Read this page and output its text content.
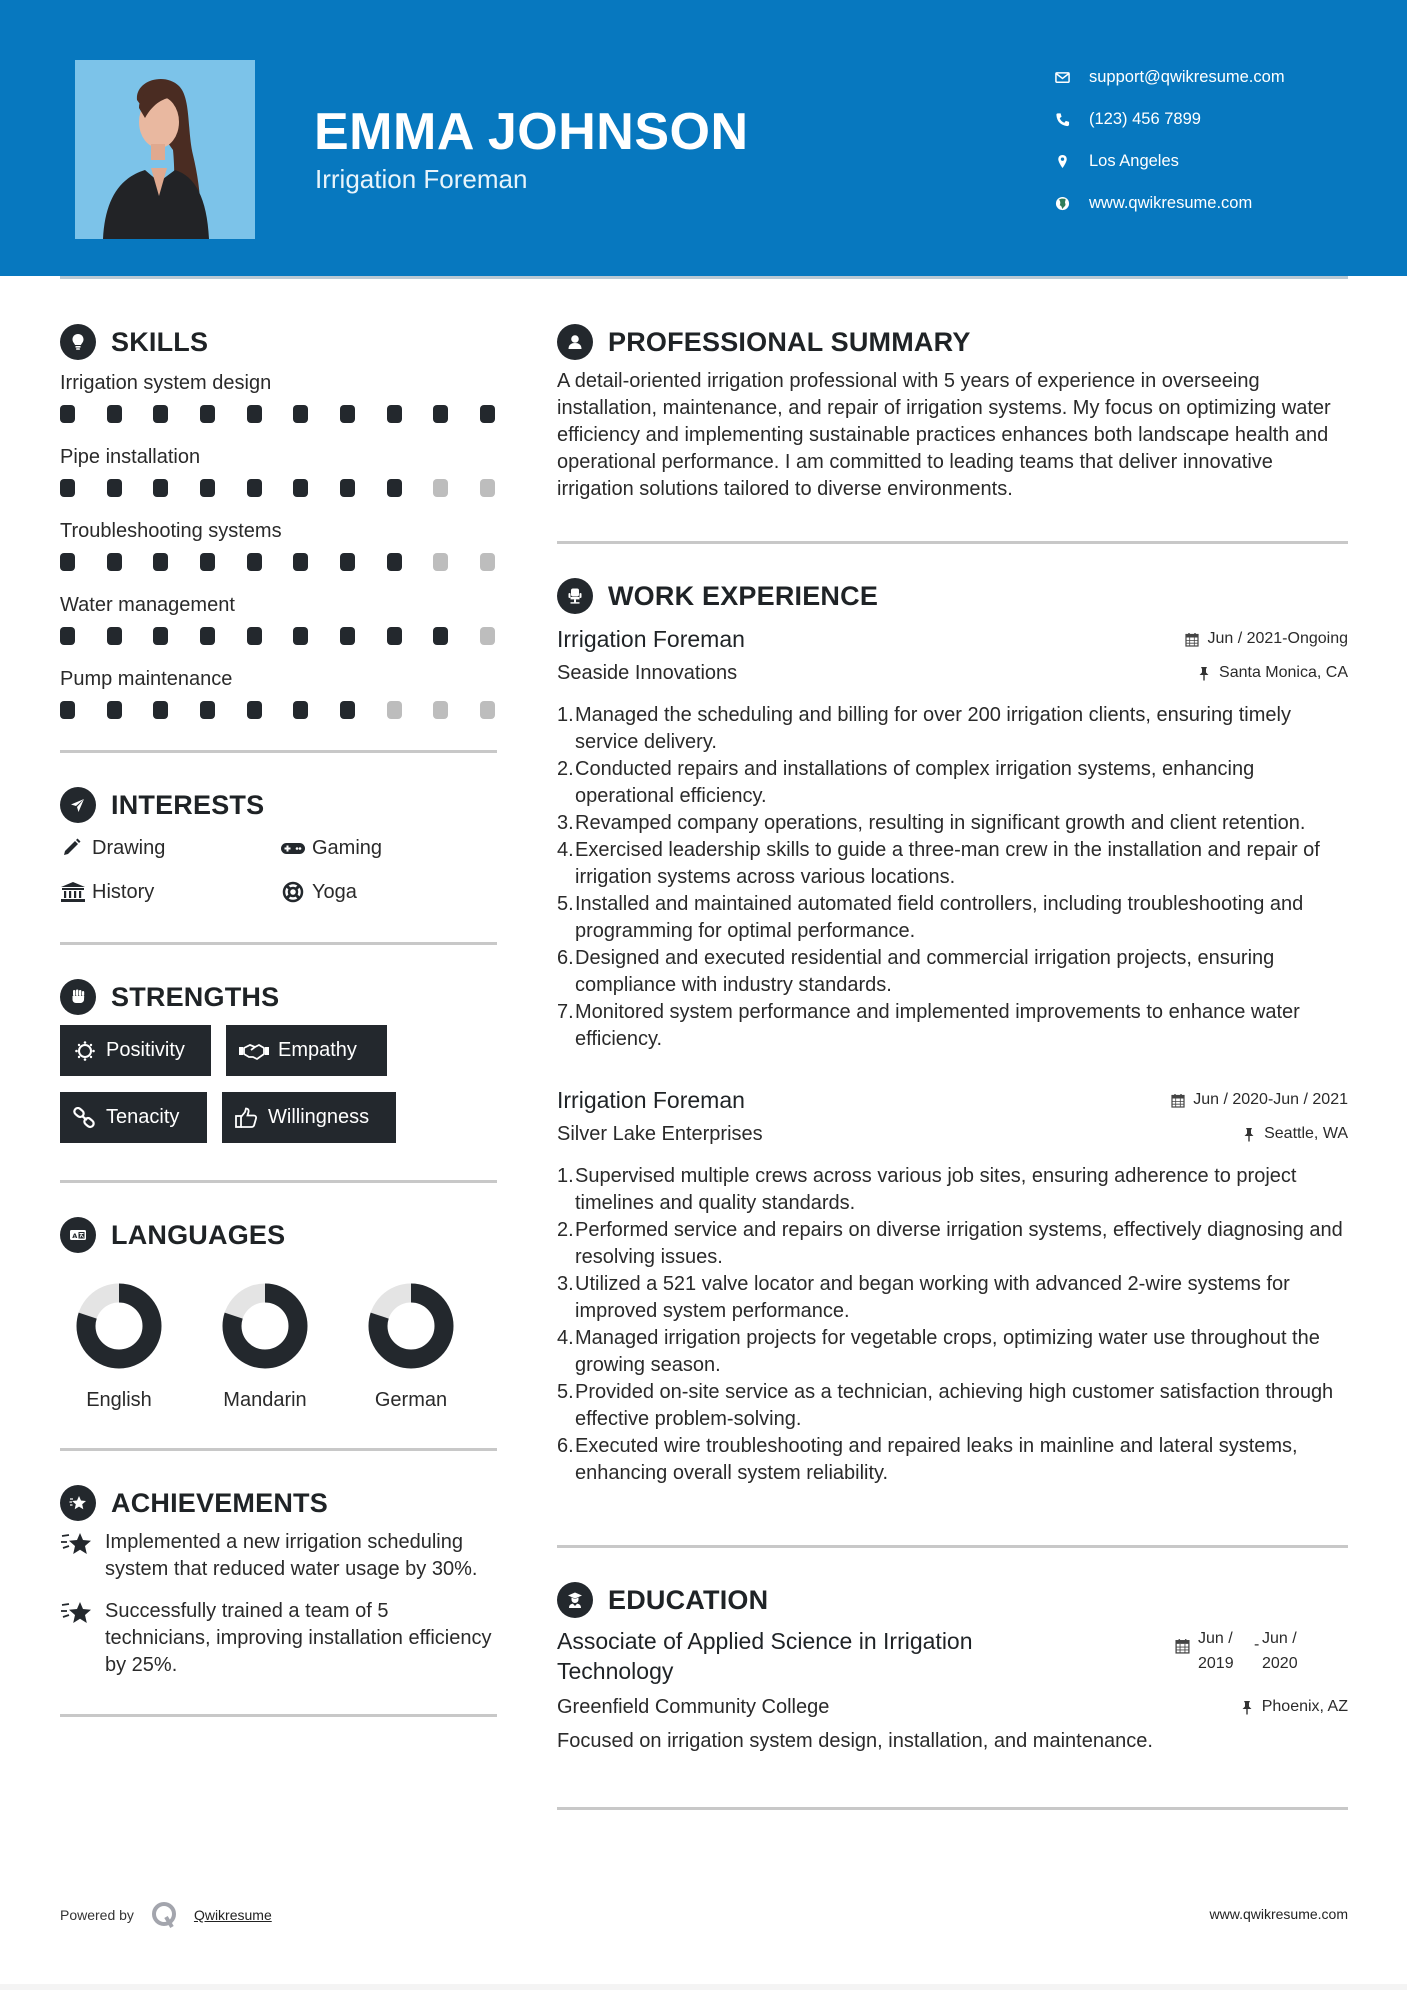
EMMA JOHNSON
Irrigation Foreman
support@qwikresume.com
(123) 456 7899
Los Angeles
www.qwikresume.com
SKILLS
Irrigation system design
Pipe installation
Troubleshooting systems
Water management
Pump maintenance
INTERESTS
Drawing	Gaming
History	Yoga
STRENGTHS
Positivity	Empathy
Tenacity	Willingness
A LANGUAGES
English	Mandarin	German
ACHIEVEMENTS
Implemented a new irrigation scheduling system that reduced water usage by 30%.
Successfully trained a team of 5 technicians, improving installation efficiency by 25%.
PROFESSIONAL SUMMARY

A detail-oriented irrigation professional with 5 years of experience in overseeing installation, maintenance, and repair of irrigation systems. My focus on optimizing water efficiency and implementing sustainable practices enhances both landscape health and operational performance. I am committed to leading teams that deliver innovative irrigation solutions tailored to diverse environments.

WORK EXPERIENCE
Irrigation Foreman	Jun / 2021-Ongoing
Seaside Innovations	Santa Monica, CA
1. Managed the scheduling and billing for over 200 irrigation clients, ensuring timely service delivery.
2. Conducted repairs and installations of complex irrigation systems, enhancing operational efficiency.
3. Revamped company operations, resulting in significant growth and client retention.
4. Exercised leadership skills to guide a three-man crew in the installation and repair of irrigation systems across various locations.
5. Installed and maintained automated field controllers, including troubleshooting and programming for optimal performance.
6. Designed and executed residential and commercial irrigation projects, ensuring compliance with industry standards.
7. Monitored system performance and implemented improvements to enhance water efficiency.
Irrigation Foreman	Jun / 2020-Jun / 2021
Silver Lake Enterprises	Seattle, WA
1. Supervised multiple crews across various job sites, ensuring adherence to project timelines and quality standards.
2. Performed service and repairs on diverse irrigation systems, effectively diagnosing and resolving issues.
3. Utilized a 521 valve locator and began working with advanced 2-wire systems for improved system performance.
4. Managed irrigation projects for vegetable crops, optimizing water use throughout the growing season.
5. Provided on-site service as a technician, achieving high customer satisfaction through effective problem-solving.
6. Executed wire troubleshooting and repaired leaks in mainline and lateral systems, enhancing overall system reliability.
EDUCATION
Associate of Applied Science in Irrigation Technology
Jun / 2019
- Jun / 2020
Greenfield Community College	Phoenix, AZ

Focused on irrigation system design, installation, and maintenance.

Powered by	Qwikresume	www.qwikresume.com
